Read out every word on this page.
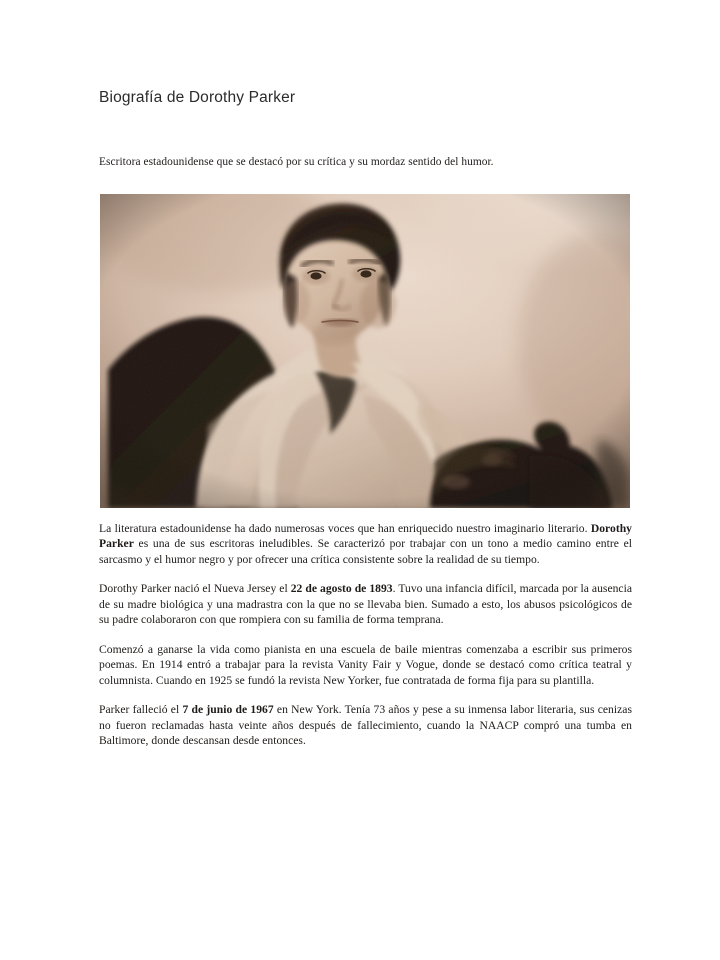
Biografía de Dorothy Parker

Escritora estadounidense que se destacó por su crítica y su mordaz sentido del humor.

La literatura estadounidense ha dado numerosas voces que han enriquecido nuestro imaginario literario. Dorothy Parker es una de sus escritoras ineludibles. Se caracterizó por trabajar con un tono a medio camino entre el sarcasmo y el humor negro y por ofrecer una crítica consistente sobre la realidad de su tiempo.

Dorothy Parker nació el Nueva Jersey el 22 de agosto de 1893. Tuvo una infancia difícil, marcada por la ausencia de su madre biológica y una madrastra con la que no se llevaba bien. Sumado a esto, los abusos psicológicos de su padre colaboraron con que rompiera con su familia de forma temprana.

Comenzó a ganarse la vida como pianista en una escuela de baile mientras comenzaba a escribir sus primeros poemas. En 1914 entró a trabajar para la revista Vanity Fair y Vogue, donde se destacó como crítica teatral y columnista. Cuando en 1925 se fundó la revista New Yorker, fue contratada de forma fija para su plantilla.

Parker falleció el 7 de junio de 1967 en New York. Tenía 73 años y pese a su inmensa labor literaria, sus cenizas no fueron reclamadas hasta veinte años después de fallecimiento, cuando la NAACP compró una tumba en Baltimore, donde descansan desde entonces.
